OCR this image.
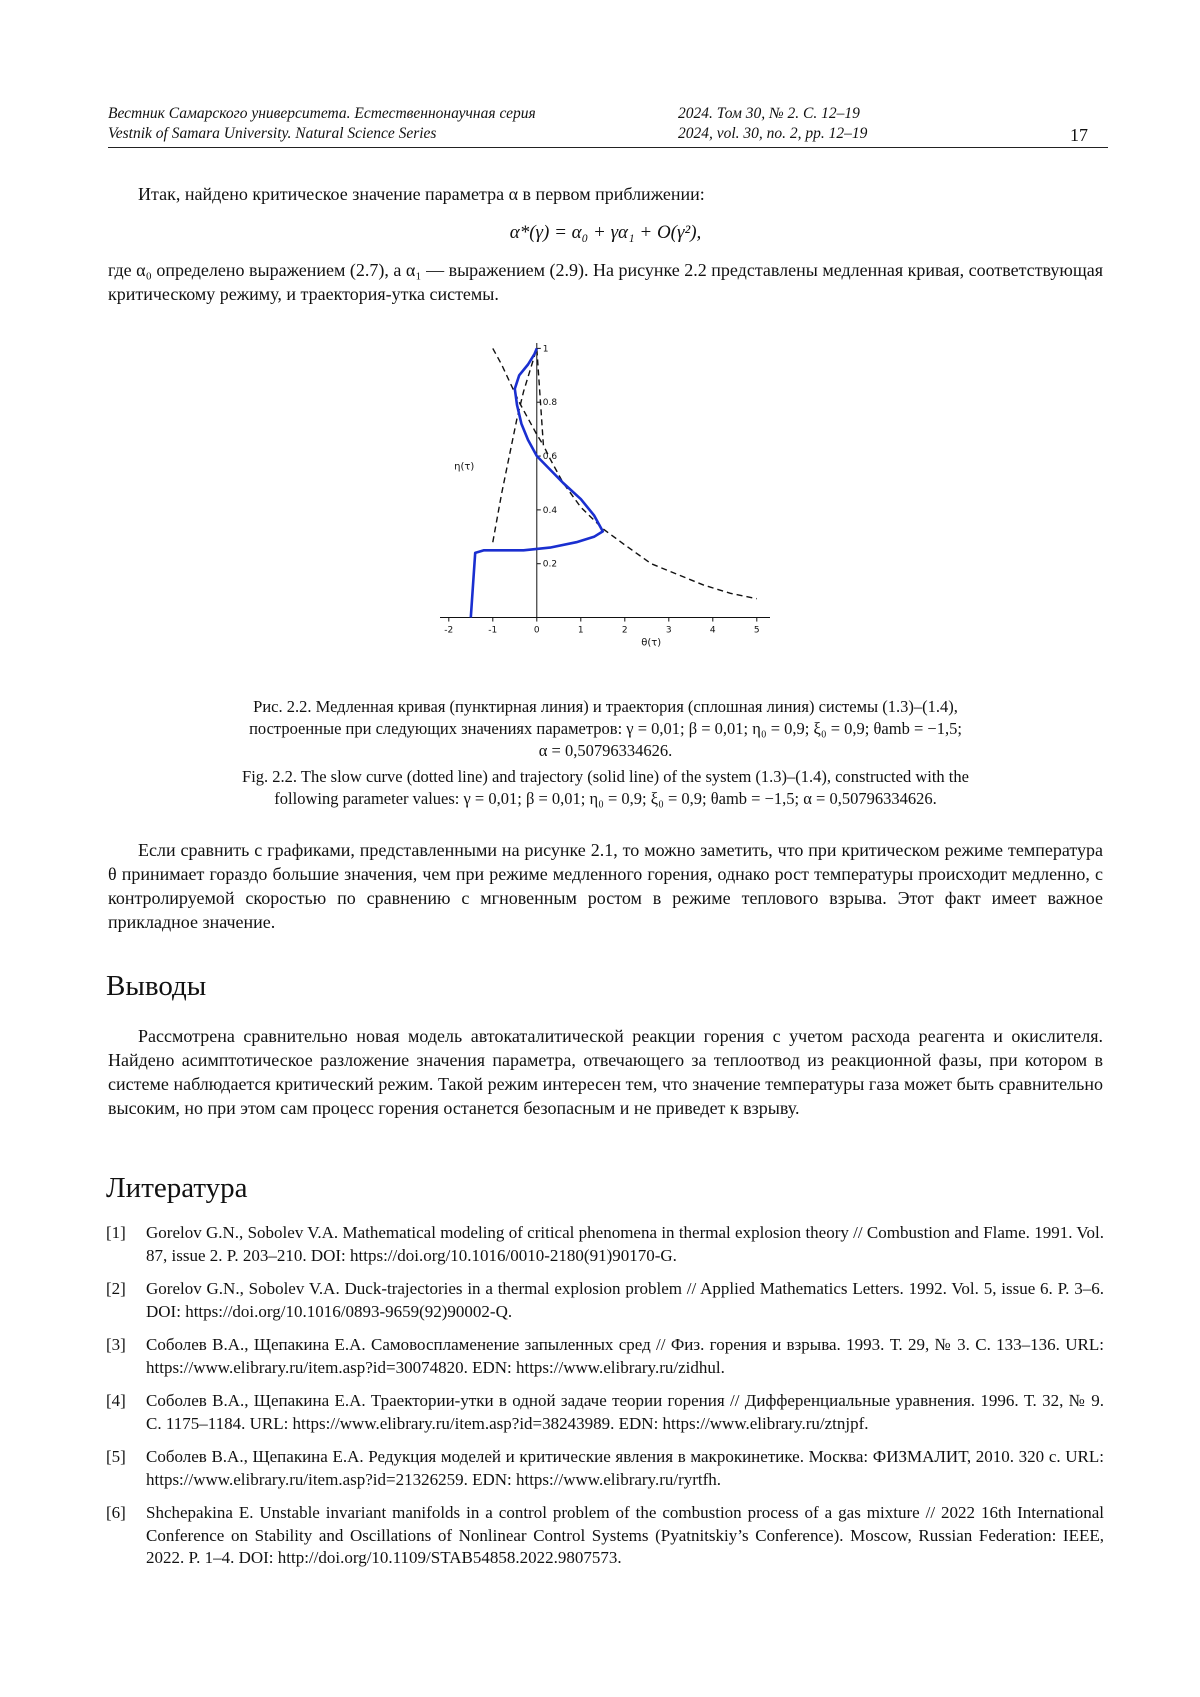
Вестник Самарского университета. Естественнонаучная серия
Vestnik of Samara University. Natural Science Series
2024. Том 30, № 2. С. 12–19
2024, vol. 30, no. 2, pp. 12–19	17
Итак, найдено критическое значение параметра α в первом приближении:
α*(γ) = α₀ + γα₁ + O(γ²),
где α₀ определено выражением (2.7), а α₁ — выражением (2.9). На рисунке 2.2 представлены медленная кривая, соответствующая критическому режиму, и траектория-утка системы.
-2	-1	0	1	2	3	4	5
0.2
0.4
0.6
0.8
1
θ(τ)
η(τ)
Рис. 2.2. Медленная кривая (пунктирная линия) и траектория (сплошная линия) системы (1.3)–(1.4),
построенные при следующих значениях параметров: γ = 0,01; β = 0,01; η₀ = 0,9; ξ₀ = 0,9; θamb = −1,5;
α = 0,50796334626.
Fig. 2.2. The slow curve (dotted line) and trajectory (solid line) of the system (1.3)–(1.4), constructed with the
following parameter values: γ = 0,01; β = 0,01; η₀ = 0,9; ξ₀ = 0,9; θamb = −1,5; α = 0,50796334626.
Если сравнить с графиками, представленными на рисунке 2.1, то можно заметить, что при критическом режиме температура θ принимает гораздо большие значения, чем при режиме медленного горения, однако рост температуры происходит медленно, с контролируемой скоростью по сравнению с мгновенным ростом в режиме теплового взрыва. Этот факт имеет важное прикладное значение.
Выводы
Рассмотрена сравнительно новая модель автокаталитической реакции горения с учетом расхода реагента и окислителя. Найдено асимптотическое разложение значения параметра, отвечающего за теплоотвод из реакционной фазы, при котором в системе наблюдается критический режим. Такой режим интересен тем, что значение температуры газа может быть сравнительно высоким, но при этом сам процесс горения останется безопасным и не приведет к взрыву.
Литература
[1]	Gorelov G.N., Sobolev V.A. Mathematical modeling of critical phenomena in thermal explosion theory // Combustion and Flame. 1991. Vol. 87, issue 2. P. 203–210. DOI: https://doi.org/10.1016/0010-2180(91)90170-G.
[2]	Gorelov G.N., Sobolev V.A. Duck-trajectories in a thermal explosion problem // Applied Mathematics Letters. 1992. Vol. 5, issue 6. P. 3–6. DOI: https://doi.org/10.1016/0893-9659(92)90002-Q.
[3]	Соболев В.А., Щепакина Е.А. Самовоспламенение запыленных сред // Физ. горения и взрыва. 1993. Т. 29, № 3. С. 133–136. URL: https://www.elibrary.ru/item.asp?id=30074820. EDN: https://www.elibrary.ru/zidhul.
[4]	Соболев В.А., Щепакина Е.А. Траектории-утки в одной задаче теории горения // Дифференциальные уравнения. 1996. Т. 32, № 9. С. 1175–1184. URL: https://www.elibrary.ru/item.asp?id=38243989. EDN: https://www.elibrary.ru/ztnjpf.
[5]	Соболев В.А., Щепакина Е.А. Редукция моделей и критические явления в макрокинетике. Москва: ФИЗМАЛИТ, 2010. 320 с. URL: https://www.elibrary.ru/item.asp?id=21326259. EDN: https://www.elibrary.ru/ryrtfh.
[6]	Shchepakina E. Unstable invariant manifolds in a control problem of the combustion process of a gas mixture // 2022 16th International Conference on Stability and Oscillations of Nonlinear Control Systems (Pyatnitskiy’s Conference). Moscow, Russian Federation: IEEE, 2022. P. 1–4. DOI: http://doi.org/10.1109/STAB54858.2022.9807573.
